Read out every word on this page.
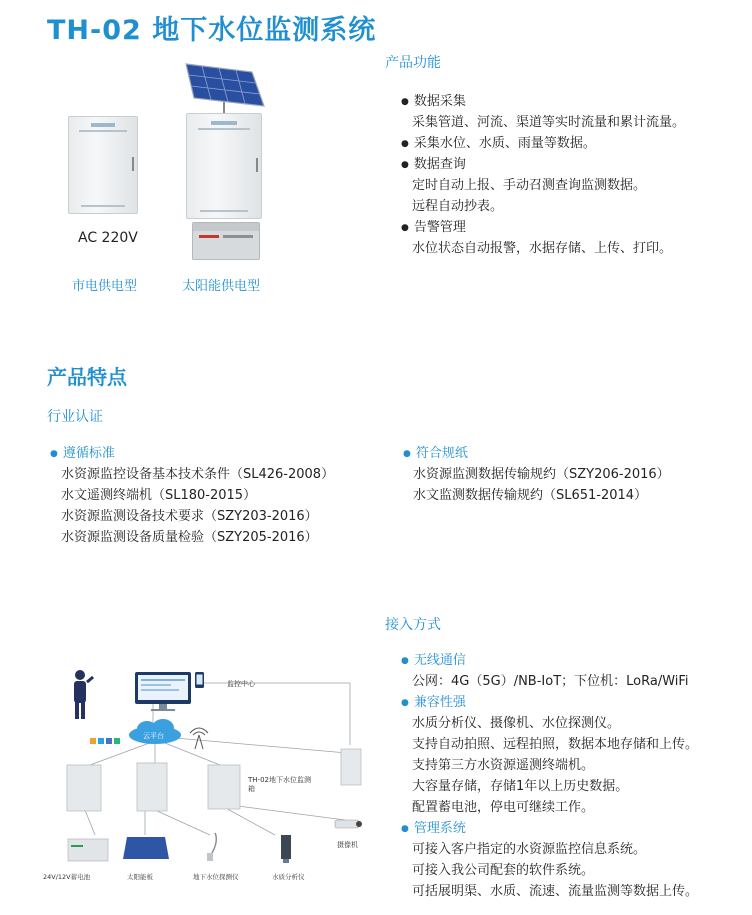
TH-02 地下水位监测系统
AC 220V
市电供电型	太阳能供电型
产品功能
● 数据采集
采集管道、河流、渠道等实时流量和累计流量。
● 采集水位、水质、雨量等数据。
● 数据查询
定时自动上报、手动召测查询监测数据。
远程自动抄表。
● 告警管理
水位状态自动报警，水据存储、上传、打印。
产品特点
行业认证
● 遵循标准
水资源监控设备基本技术条件（SL426-2008）
水文遥测终端机（SL180-2015）
水资源监测设备技术要求（SZY203-2016）
水资源监测设备质量检验（SZY205-2016）
● 符合规纸
水资源监测数据传输规约（SZY206-2016）
水文监测数据传输规约（SL651-2014）
接入方式
● 无线通信
公网：4G（5G）/NB-IoT；下位机：LoRa/WiFi
● 兼容性强
水质分析仪、摄像机、水位探测仪。
支持自动拍照、远程拍照，数据本地存储和上传。
支持第三方水资源遥测终端机。
大容量存储，存储1年以上历史数据。
配置蓄电池，停电可继续工作。
● 管理系统
可接入客户指定的水资源监控信息系统。
可接入我公司配套的软件系统。
可括展明渠、水质、流速、流量监测等数据上传。
监控中心
云平台
TH-02地下水位监测
箱
摄像机
24V/12V蓄电池	太阳能板	地下水位探测仪	水质分析仪
